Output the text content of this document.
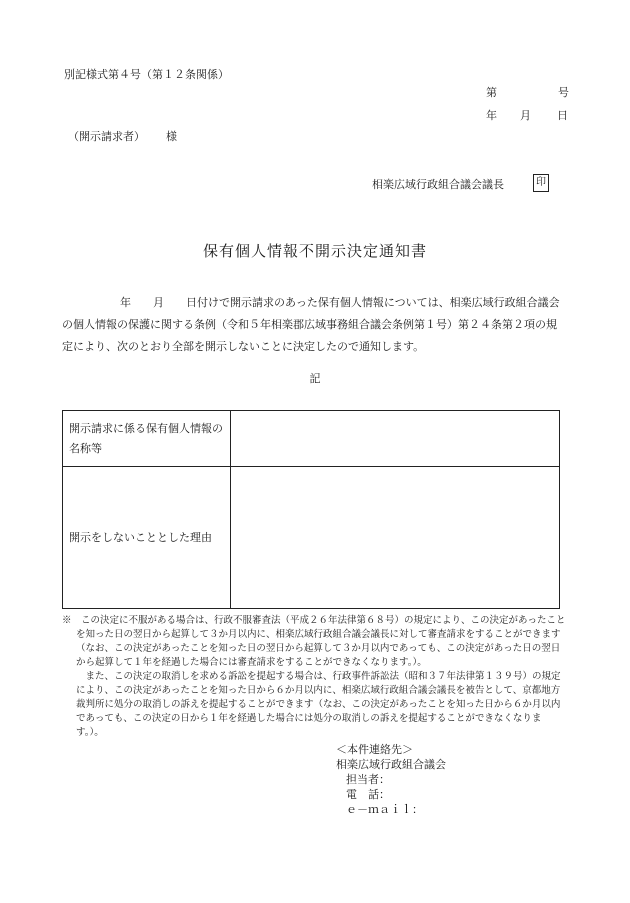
別記様式第４号（第１２条関係）
第	号
年 月 日
（開示請求者） 様
相楽広域行政組合議会議長	印
保有個人情報不開示決定通知書
年 月 日付けで開示請求のあった保有個人情報については、相楽広域行政組合議会の個人情報の保護に関する条例（令和５年相楽郡広域事務組合議会条例第１号）第２４条第２項の規定により、次のとおり全部を開示しないことに決定したので通知します。
記
開示請求に係る保有個人情報の名称等	
開示をしないこととした理由	

※　 この決定に不服がある場合は、行政不服審査法（平成２６年法律第６８号）の規定により、この決定があったことを知った日の翌日から起算して３か月以内に、相楽広域行政組合議会議長に対して審査請求をすることができます（なお、この決定があったことを知った日の翌日から起算して３か月以内であっても、この決定があった日の翌日から起算して１年を経過した場合には審査請求をすることができなくなります。）。

また、この決定の取消しを求める訴訟を提起する場合は、行政事件訴訟法（昭和３７年法律第１３９号）の規定により、この決定があったことを知った日から６か月以内に、相楽広域行政組合議会議長を被告として、京都地方裁判所に処分の取消しの訴えを提起することができます（なお、この決定があったことを知った日から６か月以内であっても、この決定の日から１年を経過した場合には処分の取消しの訴えを提起することができなくなります。）。

＜本件連絡先＞
相楽広域行政組合議会
担当者：
電　話：
ｅ－ｍａｉｌ：
